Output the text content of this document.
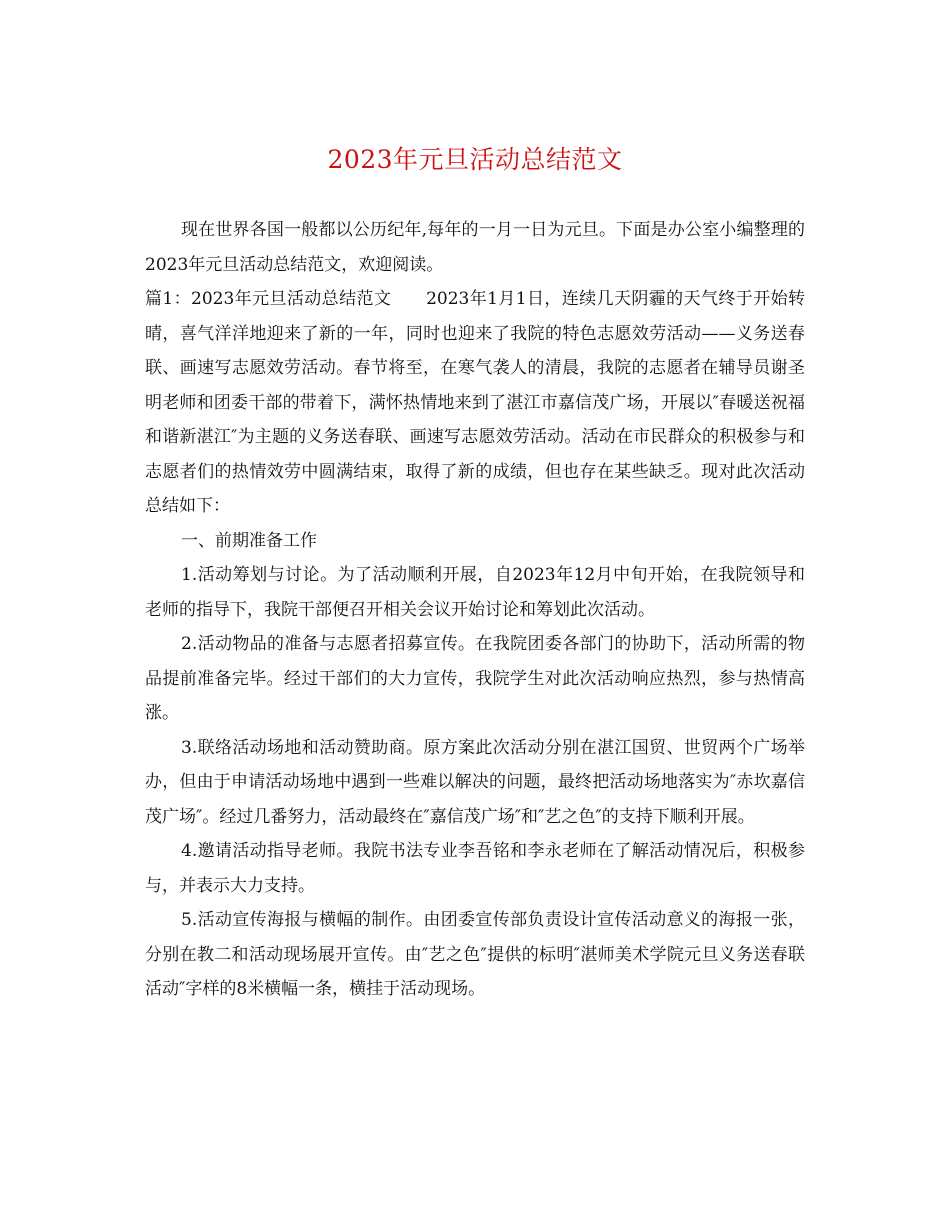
2023年元旦活动总结范文

现在世界各国一般都以公历纪年,每年的一月一日为元旦。下面是办公室小编整理的2023年元旦活动总结范文，欢迎阅读。

篇1：2023年元旦活动总结范文　　2023年1月1日，连续几天阴霾的天气终于开始转晴，喜气洋洋地迎来了新的一年，同时也迎来了我院的特色志愿效劳活动——义务送春联、画速写志愿效劳活动。春节将至，在寒气袭人的清晨，我院的志愿者在辅导员谢圣明老师和团委干部的带着下，满怀热情地来到了湛江市嘉信茂广场，开展以″春暖送祝福 和谐新湛江″为主题的义务送春联、画速写志愿效劳活动。活动在市民群众的积极参与和志愿者们的热情效劳中圆满结束，取得了新的成绩，但也存在某些缺乏。现对此次活动总结如下：

一、前期准备工作

1.活动筹划与讨论。为了活动顺利开展，自2023年12月中旬开始，在我院领导和老师的指导下，我院干部便召开相关会议开始讨论和筹划此次活动。

2.活动物品的准备与志愿者招募宣传。在我院团委各部门的协助下，活动所需的物品提前准备完毕。经过干部们的大力宣传，我院学生对此次活动响应热烈，参与热情高涨。

3.联络活动场地和活动赞助商。原方案此次活动分别在湛江国贸、世贸两个广场举办，但由于申请活动场地中遇到一些难以解决的问题，最终把活动场地落实为″赤坎嘉信茂广场″。经过几番努力，活动最终在″嘉信茂广场″和″艺之色″的支持下顺利开展。

4.邀请活动指导老师。我院书法专业李吾铭和李永老师在了解活动情况后，积极参与，并表示大力支持。

5.活动宣传海报与横幅的制作。由团委宣传部负责设计宣传活动意义的海报一张，分别在教二和活动现场展开宣传。由″艺之色″提供的标明″湛师美术学院元旦义务送春联活动″字样的8米横幅一条，横挂于活动现场。
